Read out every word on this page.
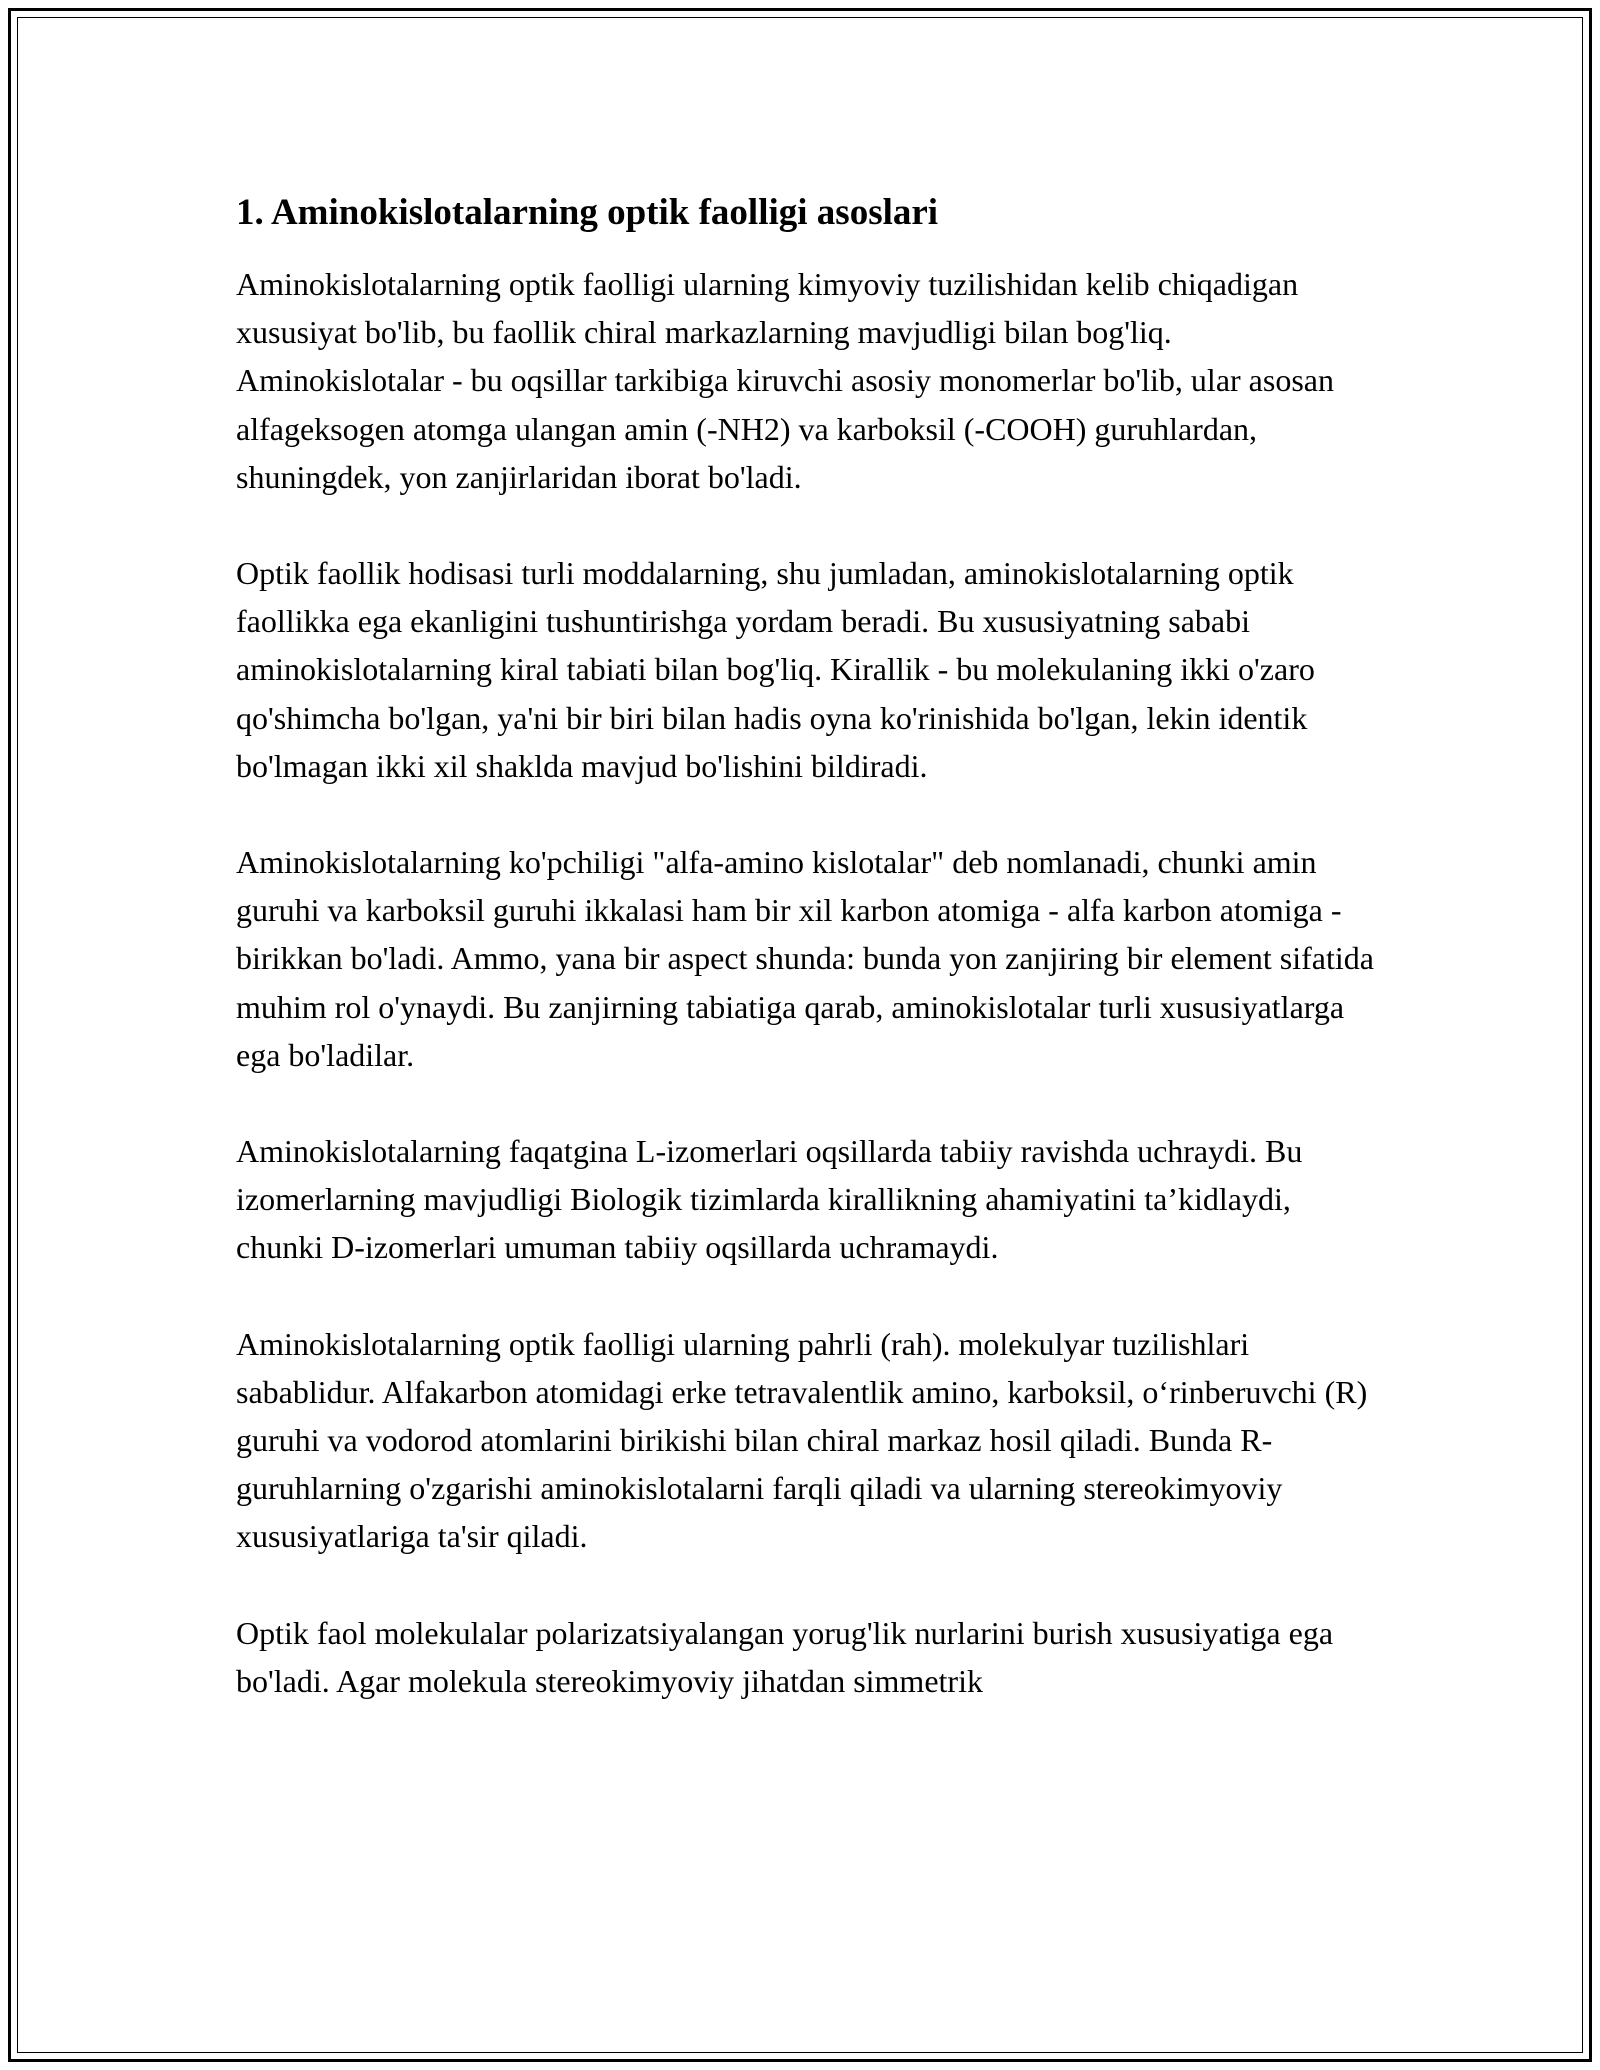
1. Aminokislotalarning optik faolligi asoslari

Aminokislotalarning optik faolligi ularning kimyoviy tuzilishidan kelib chiqadigan xususiyat bo'lib, bu faollik chiral markazlarning mavjudligi bilan bog'liq. Aminokislotalar - bu oqsillar tarkibiga kiruvchi asosiy monomerlar bo'lib, ular asosan alfageksogen atomga ulangan amin (-NH2) va karboksil (-COOH) guruhlardan, shuningdek, yon zanjirlaridan iborat bo'ladi.

Optik faollik hodisasi turli moddalarning, shu jumladan, aminokislotalarning optik faollikka ega ekanligini tushuntirishga yordam beradi. Bu xususiyatning sababi aminokislotalarning kiral tabiati bilan bog'liq. Kirallik - bu molekulaning ikki o'zaro qo'shimcha bo'lgan, ya'ni bir biri bilan hadis oyna ko'rinishida bo'lgan, lekin identik bo'lmagan ikki xil shaklda mavjud bo'lishini bildiradi.

Aminokislotalarning ko'pchiligi "alfa-amino kislotalar" deb nomlanadi, chunki amin guruhi va karboksil guruhi ikkalasi ham bir xil karbon atomiga - alfa karbon atomiga - birikkan bo'ladi. Ammo, yana bir aspect shunda: bunda yon zanjiring bir element sifatida muhim rol o'ynaydi. Bu zanjirning tabiatiga qarab, aminokislotalar turli xususiyatlarga ega bo'ladilar.

Aminokislotalarning faqatgina L-izomerlari oqsillarda tabiiy ravishda uchraydi. Bu izomerlarning mavjudligi Biologik tizimlarda kirallikning ahamiyatini ta’kidlaydi, chunki D-izomerlari umuman tabiiy oqsillarda uchramaydi.

Aminokislotalarning optik faolligi ularning pahrli (rah). molekulyar tuzilishlari sabablidur. Alfakarbon atomidagi erke tetravalentlik amino, karboksil, o‘rinberuvchi (R) guruhi va vodorod atomlarini birikishi bilan chiral markaz hosil qiladi. Bunda R-guruhlarning o'zgarishi aminokislotalarni farqli qiladi va ularning stereokimyoviy xususiyatlariga ta'sir qiladi.

Optik faol molekulalar polarizatsiyalangan yorug'lik nurlarini burish xususiyatiga ega bo'ladi. Agar molekula stereokimyoviy jihatdan simmetrik
